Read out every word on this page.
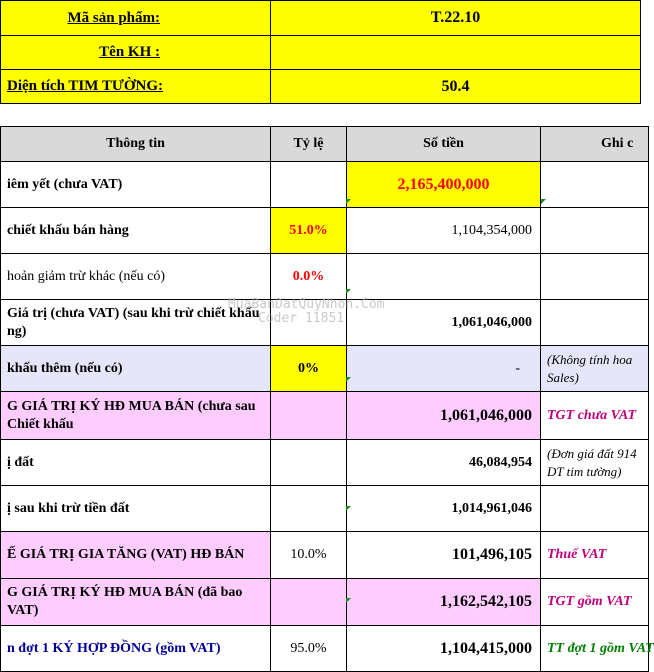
Mã sản phẩm:	T.22.10
Tên KH :	
Diện tích TIM TƯỜNG:	50.4
Thông tin	Tỷ lệ	Số tiền	Ghi c
iêm yết (chưa VAT)		2,165,400,000	
chiết khấu bán hàng	51.0%	1,104,354,000	
hoản giảm trừ khác (nếu có)	0.0%		
Giá trị (chưa VAT) (sau khi trừ chiết khấu ng)		1,061,046,000	
khấu thêm (nếu có)	0%	-	(Không tính hoa Sales)
G GIÁ TRỊ KÝ HĐ MUA BÁN (chưa sau Chiết khấu		1,061,046,000	TGT chưa VAT
ị đất		46,084,954	(Đơn giá đất 914 DT tim tường)
ị sau khi trừ tiền đất		1,014,961,046	
Ế GIÁ TRỊ GIA TĂNG (VAT) HĐ BÁN	10.0%	101,496,105	Thuế VAT
G GIÁ TRỊ KÝ HĐ MUA BÁN (đã bao VAT)		1,162,542,105	TGT gồm VAT
n đợt 1 KÝ HỢP ĐỒNG (gồm VAT)	95.0%	1,104,415,000	TT đợt 1 gồm VAT
MuaBanDatQuyNhon.Com
Coder 11851
